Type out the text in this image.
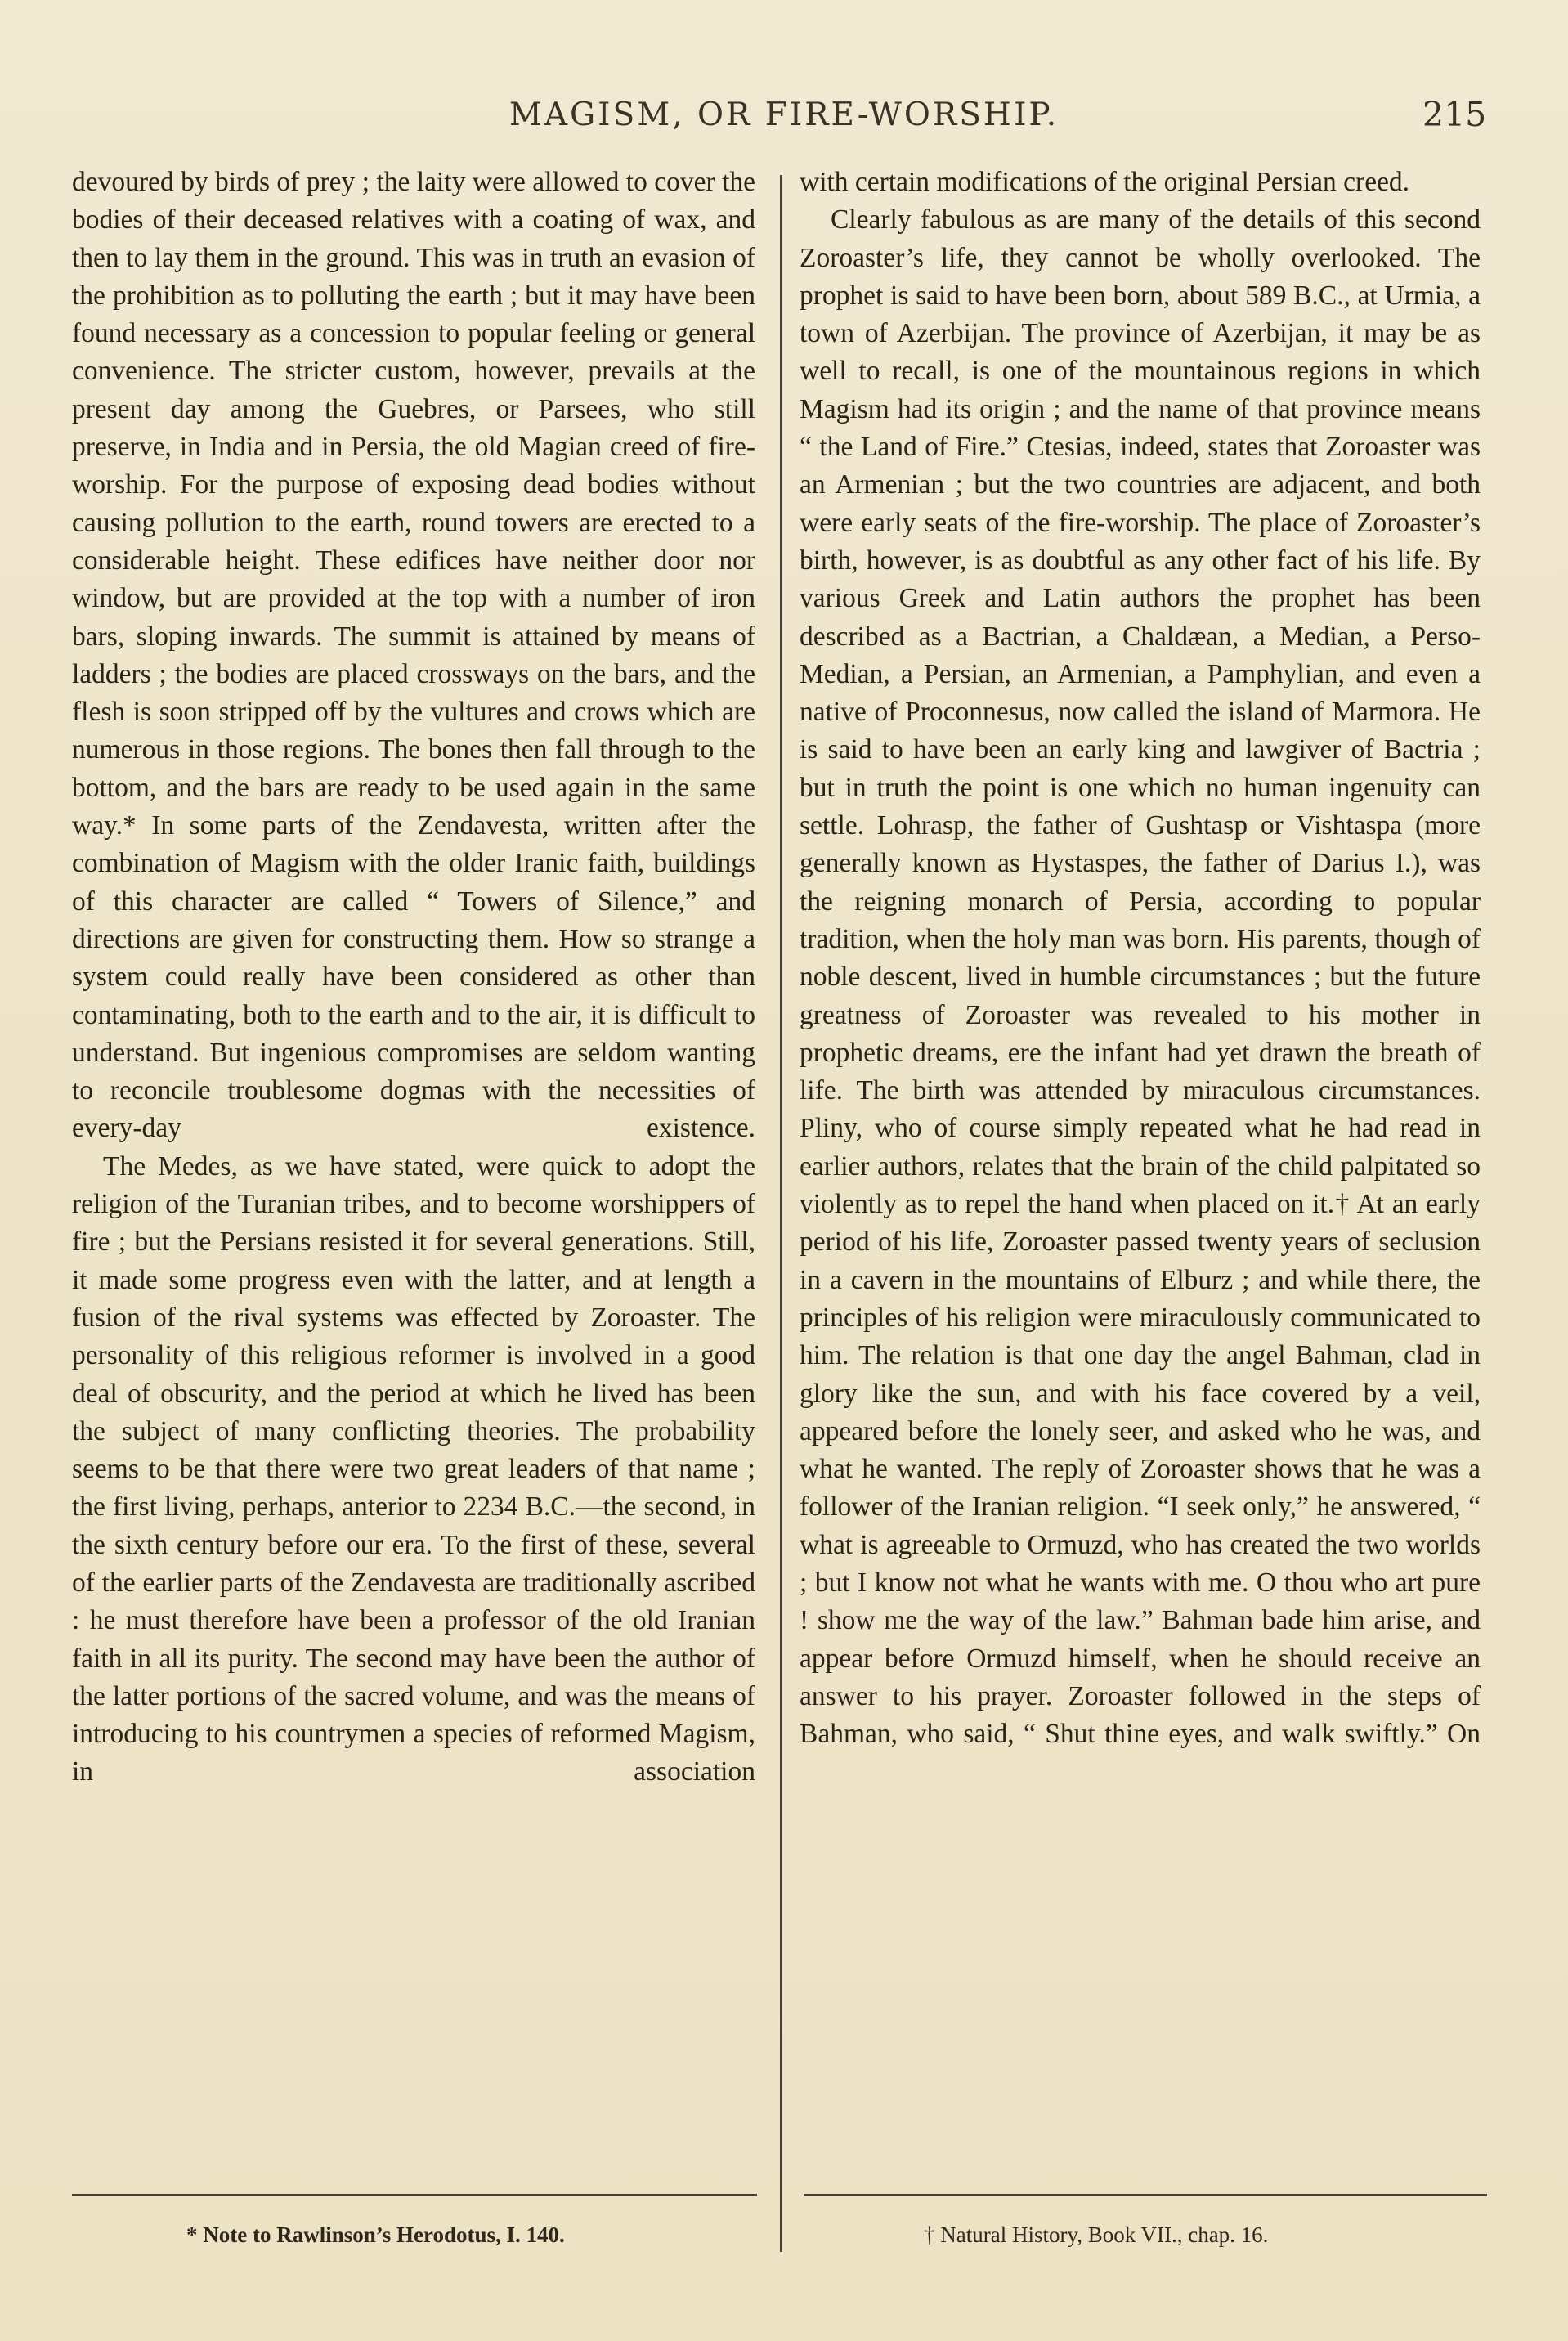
MAGISM, OR FIRE-WORSHIP.	215

devoured by birds of prey ; the laity were allowed to cover the bodies of their deceased relatives with a coating of wax, and then to lay them in the ground. This was in truth an evasion of the prohibition as to polluting the earth ; but it may have been found necessary as a concession to popular feeling or general convenience. The stricter custom, however, prevails at the present day among the Guebres, or Parsees, who still preserve, in India and in Persia, the old Magian creed of fire-worship. For the purpose of exposing dead bodies without causing pollution to the earth, round towers are erected to a considerable height. These edifices have neither door nor window, but are provided at the top with a number of iron bars, sloping inwards. The summit is attained by means of ladders ; the bodies are placed crossways on the bars, and the flesh is soon stripped off by the vultures and crows which are numerous in those regions. The bones then fall through to the bottom, and the bars are ready to be used again in the same way.* In some parts of the Zendavesta, written after the combination of Magism with the older Iranic faith, buildings of this character are called “ Towers of Silence,” and directions are given for constructing them. How so strange a system could really have been considered as other than contaminating, both to the earth and to the air, it is difficult to understand. But ingenious compromises are seldom wanting to reconcile troublesome dogmas with the necessities of every-day existence.

The Medes, as we have stated, were quick to adopt the religion of the Turanian tribes, and to become worshippers of fire ; but the Persians resisted it for several generations. Still, it made some progress even with the latter, and at length a fusion of the rival systems was effected by Zoroaster. The personality of this religious reformer is involved in a good deal of obscurity, and the period at which he lived has been the subject of many conflicting theories. The probability seems to be that there were two great leaders of that name ; the first living, perhaps, anterior to 2234 B.C.—the second, in the sixth century before our era. To the first of these, several of the earlier parts of the Zendavesta are traditionally ascribed : he must therefore have been a professor of the old Iranian faith in all its purity. The second may have been the author of the latter portions of the sacred volume, and was the means of introducing to his countrymen a species of reformed Magism, in association

with certain modifications of the original Persian creed.

Clearly fabulous as are many of the details of this second Zoroaster’s life, they cannot be wholly overlooked. The prophet is said to have been born, about 589 B.C., at Urmia, a town of Azerbijan. The province of Azerbijan, it may be as well to recall, is one of the mountainous regions in which Magism had its origin ; and the name of that province means “ the Land of Fire.” Ctesias, indeed, states that Zoroaster was an Armenian ; but the two countries are adjacent, and both were early seats of the fire-worship. The place of Zoroaster’s birth, however, is as doubtful as any other fact of his life. By various Greek and Latin authors the prophet has been described as a Bactrian, a Chaldæan, a Median, a Perso-Median, a Persian, an Armenian, a Pamphylian, and even a native of Proconnesus, now called the island of Marmora. He is said to have been an early king and lawgiver of Bactria ; but in truth the point is one which no human ingenuity can settle. Lohrasp, the father of Gushtasp or Vishtaspa (more generally known as Hystaspes, the father of Darius I.), was the reigning monarch of Persia, according to popular tradition, when the holy man was born. His parents, though of noble descent, lived in humble circumstances ; but the future greatness of Zoroaster was revealed to his mother in prophetic dreams, ere the infant had yet drawn the breath of life. The birth was attended by miraculous circumstances. Pliny, who of course simply repeated what he had read in earlier authors, relates that the brain of the child palpitated so violently as to repel the hand when placed on it.† At an early period of his life, Zoroaster passed twenty years of seclusion in a cavern in the mountains of Elburz ; and while there, the principles of his religion were miraculously communicated to him. The relation is that one day the angel Bahman, clad in glory like the sun, and with his face covered by a veil, appeared before the lonely seer, and asked who he was, and what he wanted. The reply of Zoroaster shows that he was a follower of the Iranian religion. “I seek only,” he answered, “ what is agreeable to Ormuzd, who has created the two worlds ; but I know not what he wants with me. O thou who art pure ! show me the way of the law.” Bahman bade him arise, and appear before Ormuzd himself, when he should receive an answer to his prayer. Zoroaster followed in the steps of Bahman, who said, “ Shut thine eyes, and walk swiftly.” On

* Note to Rawlinson’s Herodotus, I. 140.	† Natural History, Book VII., chap. 16.
